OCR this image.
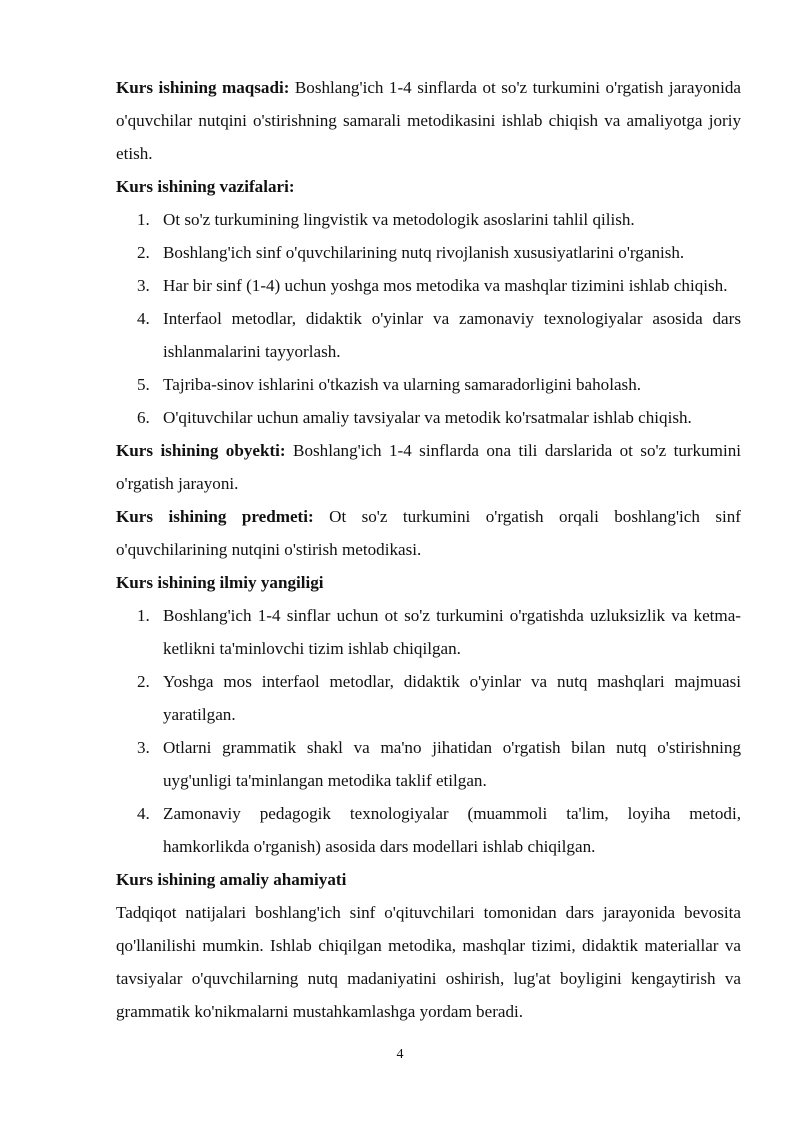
Kurs ishining maqsadi: Boshlang'ich 1-4 sinflarda ot so'z turkumini o'rgatish jarayonida o'quvchilar nutqini o'stirishning samarali metodikasini ishlab chiqish va amaliyotga joriy etish.

Kurs ishining vazifalari:

1. Ot so'z turkumining lingvistik va metodologik asoslarini tahlil qilish.
2. Boshlang'ich sinf o'quvchilarining nutq rivojlanish xususiyatlarini o'rganish.
3. Har bir sinf (1-4) uchun yoshga mos metodika va mashqlar tizimini ishlab chiqish.
4. Interfaol metodlar, didaktik o'yinlar va zamonaviy texnologiyalar asosida dars ishlanmalarini tayyorlash.
5. Tajriba-sinov ishlarini o'tkazish va ularning samaradorligini baholash.
6. O'qituvchilar uchun amaliy tavsiyalar va metodik ko'rsatmalar ishlab chiqish.

Kurs ishining obyekti: Boshlang'ich 1-4 sinflarda ona tili darslarida ot so'z turkumini o'rgatish jarayoni.

Kurs ishining predmeti: Ot so'z turkumini o'rgatish orqali boshlang'ich sinf o'quvchilarining nutqini o'stirish metodikasi.

Kurs ishining ilmiy yangiligi

1. Boshlang'ich 1-4 sinflar uchun ot so'z turkumini o'rgatishda uzluksizlik va ketma-ketlikni ta'minlovchi tizim ishlab chiqilgan.
2. Yoshga mos interfaol metodlar, didaktik o'yinlar va nutq mashqlari majmuasi yaratilgan.
3. Otlarni grammatik shakl va ma'no jihatidan o'rgatish bilan nutq o'stirishning uyg'unligi ta'minlangan metodika taklif etilgan.
4. Zamonaviy pedagogik texnologiyalar (muammoli ta'lim, loyiha metodi, hamkorlikda o'rganish) asosida dars modellari ishlab chiqilgan.

Kurs ishining amaliy ahamiyati

Tadqiqot natijalari boshlang'ich sinf o'qituvchilari tomonidan dars jarayonida bevosita qo'llanilishi mumkin. Ishlab chiqilgan metodika, mashqlar tizimi, didaktik materiallar va tavsiyalar o'quvchilarning nutq madaniyatini oshirish, lug'at boyligini kengaytirish va grammatik ko'nikmalarni mustahkamlashga yordam beradi.

4
